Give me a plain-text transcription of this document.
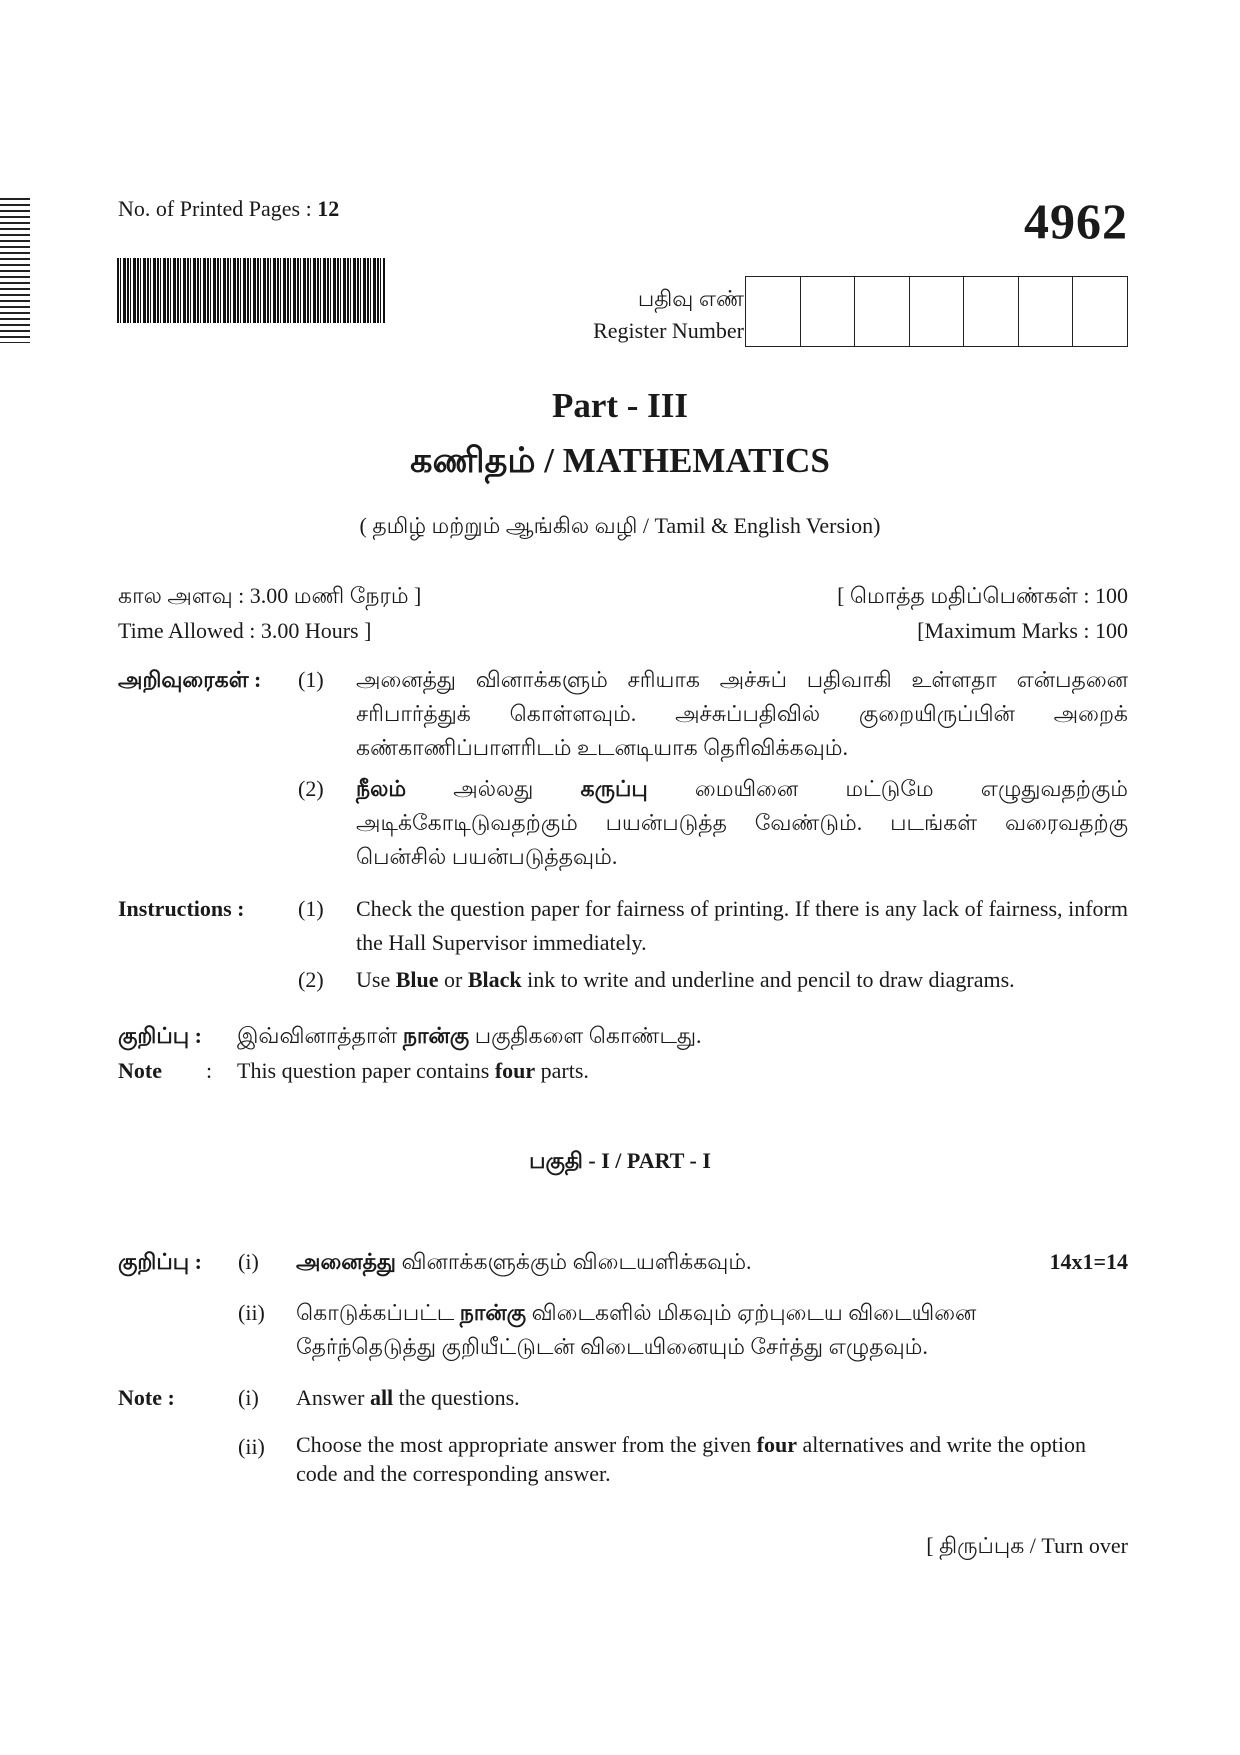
No. of Printed Pages : 12	4962
பதிவு எண்
Register Number
Part - III
கணிதம் / MATHEMATICS
( தமிழ் மற்றும் ஆங்கில வழி / Tamil & English Version)
கால அளவு : 3.00 மணி நேரம் ]
Time Allowed : 3.00 Hours ]
[ மொத்த மதிப்பெண்கள் : 100
[Maximum Marks : 100
அறிவுரைகள் : (1) அனைத்து வினாக்களும் சரியாக அச்சுப் பதிவாகி உள்ளதா என்பதனை சரிபார்த்துக் கொள்ளவும். அச்சுப்பதிவில் குறையிருப்பின் அறைக் கண்காணிப்பாளரிடம் உடனடியாக தெரிவிக்கவும்.
(2) நீலம் அல்லது கருப்பு மையினை மட்டுமே எழுதுவதற்கும் அடிக்கோடிடுவதற்கும் பயன்படுத்த வேண்டும். படங்கள் வரைவதற்கு பென்சில் பயன்படுத்தவும்.
Instructions : (1) Check the question paper for fairness of printing. If there is any lack of fairness, inform the Hall Supervisor immediately.
(2) Use Blue or Black ink to write and underline and pencil to draw diagrams.
குறிப்பு : இவ்வினாத்தாள் நான்கு பகுதிகளை கொண்டது.
Note : This question paper contains four parts.
பகுதி - I / PART - I
குறிப்பு : (i) அனைத்து வினாக்களுக்கும் விடையளிக்கவும்.	14x1=14
(ii) கொடுக்கப்பட்ட நான்கு விடைகளில் மிகவும் ஏற்புடைய விடையினை தேர்ந்தெடுத்து குறியீட்டுடன் விடையினையும் சேர்த்து எழுதவும்.
Note :	(i) Answer all the questions.
(ii) Choose the most appropriate answer from the given four alternatives and write the option code and the corresponding answer.
[ திருப்புக / Turn over
